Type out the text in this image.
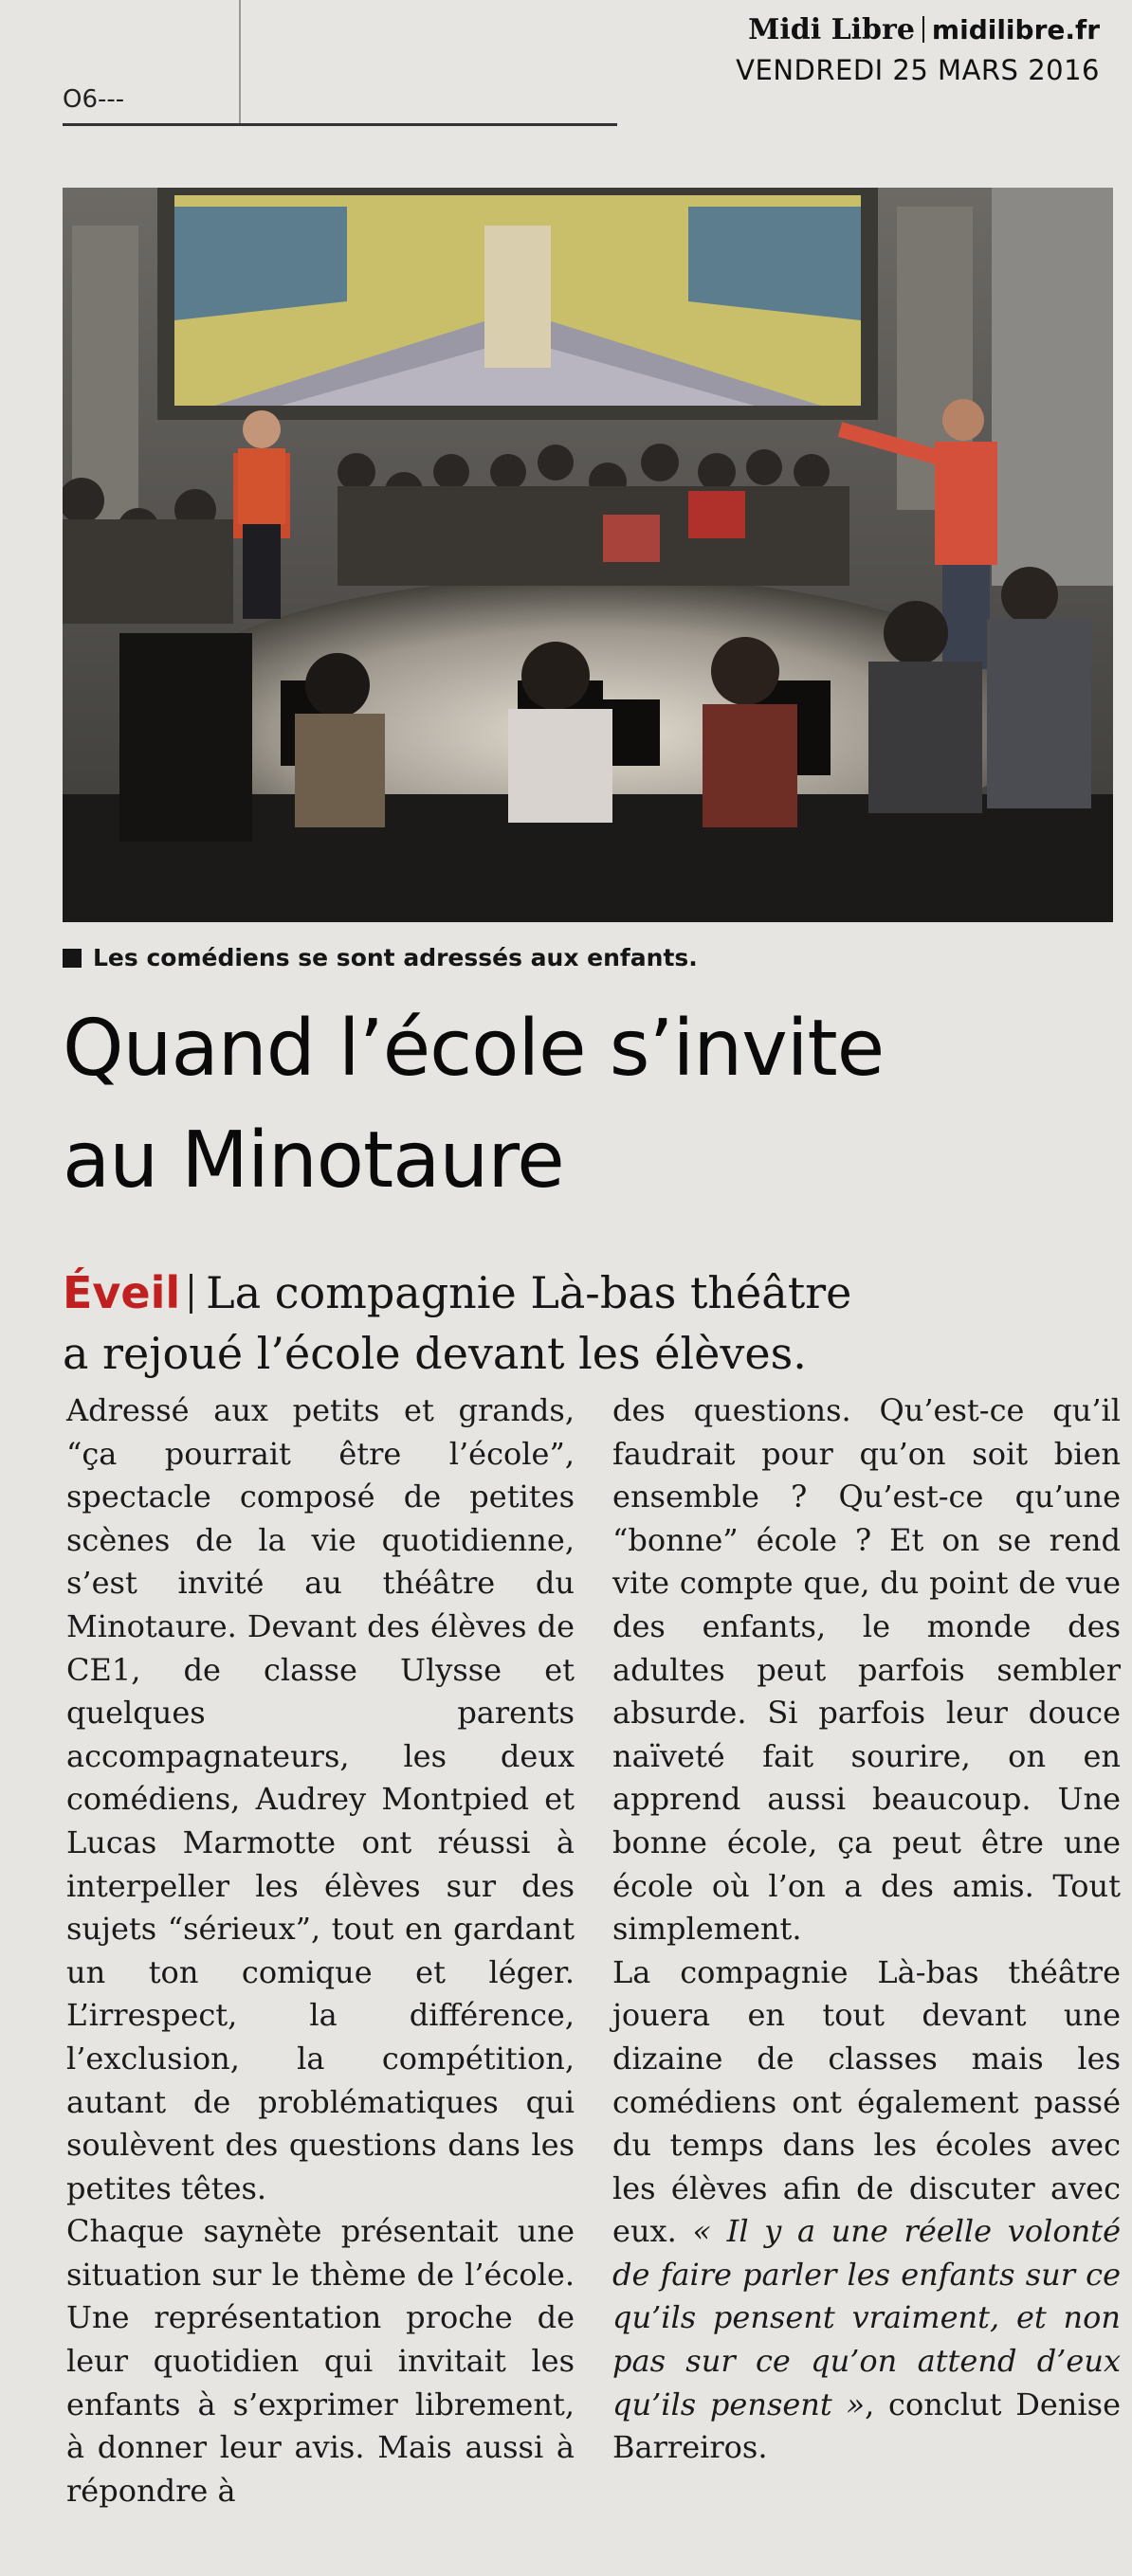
O6---
Midi Libre midilibre.fr
VENDREDI 25 MARS 2016
Les comédiens se sont adressés aux enfants.
Quand l’école s’invite
au Minotaure
Éveil La compagnie Là-bas théâtre
a rejoué l’école devant les élèves.

Adressé aux petits et grands, “ça pourrait être l’école”, spectacle composé de petites scènes de la vie quotidienne, s’est invité au théâtre du Minotaure. Devant des élèves de CE1, de classe Ulysse et quelques parents accompagnateurs, les deux comédiens, Audrey Montpied et Lucas Marmotte ont réussi à interpeller les élèves sur des sujets “sérieux”, tout en gardant un ton comique et léger. L’irrespect, la différence, l’exclusion, la compétition, autant de problématiques qui soulèvent des questions dans les petites têtes.

Chaque saynète présentait une situation sur le thème de l’école. Une représentation proche de leur quotidien qui invitait les enfants à s’exprimer librement, à donner leur avis. Mais aussi à répondre à

des questions. Qu’est-ce qu’il faudrait pour qu’on soit bien ensemble ? Qu’est-ce qu’une “bonne” école ? Et on se rend vite compte que, du point de vue des enfants, le monde des adultes peut parfois sembler absurde. Si parfois leur douce naïveté fait sourire, on en apprend aussi beaucoup. Une bonne école, ça peut être une école où l’on a des amis. Tout simplement.

La compagnie Là-bas théâtre jouera en tout devant une dizaine de classes mais les comédiens ont également passé du temps dans les écoles avec les élèves afin de discuter avec eux. « Il y a une réelle volonté de faire parler les enfants sur ce qu’ils pensent vraiment, et non pas sur ce qu’on attend d’eux qu’ils pensent », conclut Denise Barreiros.
